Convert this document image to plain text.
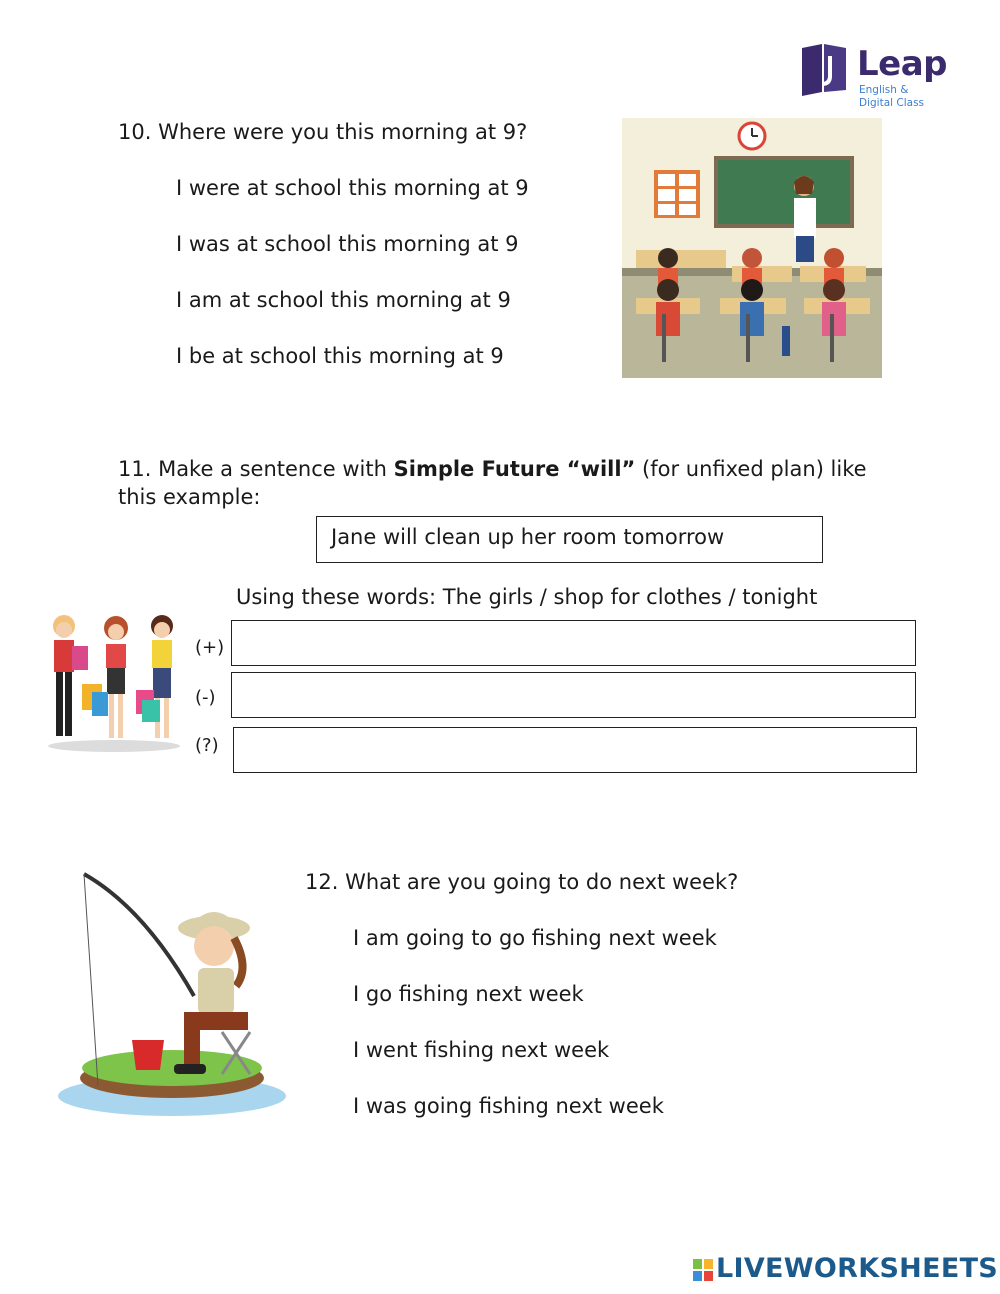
Leap
English &
Digital Class
10. Where were you this morning at 9?
I were at school this morning at 9
I was at school this morning at 9
I am at school this morning at 9
I be at school this morning at 9
11. Make a sentence with Simple Future “will” (for unfixed plan) like
this example:
Jane will clean up her room tomorrow
Using these words: The girls / shop for clothes / tonight
(+)
(-)
(?)
12. What are you going to do next week?
I am going to go fishing next week
I go fishing next week
I went fishing next week
I was going fishing next week
LIVEWORKSHEETS
